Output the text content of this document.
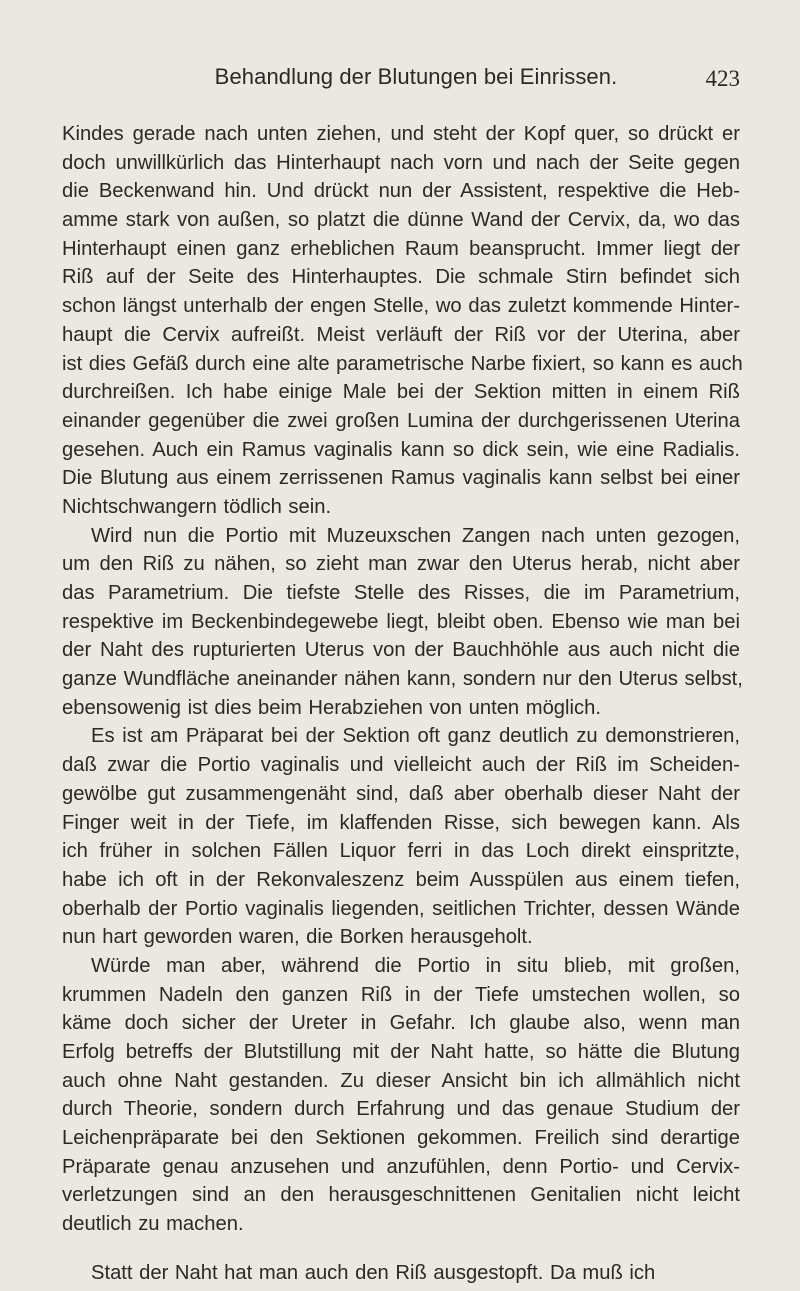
Behandlung der Blutungen bei Einrissen.	423
Kindes gerade nach unten ziehen, und steht der Kopf quer, so drückt er
doch unwillkürlich das Hinterhaupt nach vorn und nach der Seite gegen
die Beckenwand hin. Und drückt nun der Assistent, respektive die Heb-
amme stark von außen, so platzt die dünne Wand der Cervix, da, wo das
Hinterhaupt einen ganz erheblichen Raum beansprucht. Immer liegt der
Riß auf der Seite des Hinterhauptes. Die schmale Stirn befindet sich
schon längst unterhalb der engen Stelle, wo das zuletzt kommende Hinter-
haupt die Cervix aufreißt. Meist verläuft der Riß vor der Uterina, aber
ist dies Gefäß durch eine alte parametrische Narbe fixiert, so kann es auch
durchreißen. Ich habe einige Male bei der Sektion mitten in einem Riß
einander gegenüber die zwei großen Lumina der durchgerissenen Uterina
gesehen. Auch ein Ramus vaginalis kann so dick sein, wie eine Radialis.
Die Blutung aus einem zerrissenen Ramus vaginalis kann selbst bei einer
Nichtschwangern tödlich sein.
Wird nun die Portio mit Muzeuxschen Zangen nach unten gezogen,
um den Riß zu nähen, so zieht man zwar den Uterus herab, nicht aber
das Parametrium. Die tiefste Stelle des Risses, die im Parametrium,
respektive im Beckenbindegewebe liegt, bleibt oben. Ebenso wie man bei
der Naht des rupturierten Uterus von der Bauchhöhle aus auch nicht die
ganze Wundfläche aneinander nähen kann, sondern nur den Uterus selbst,
ebensowenig ist dies beim Herabziehen von unten möglich.
Es ist am Präparat bei der Sektion oft ganz deutlich zu demonstrieren,
daß zwar die Portio vaginalis und vielleicht auch der Riß im Scheiden-
gewölbe gut zusammengenäht sind, daß aber oberhalb dieser Naht der
Finger weit in der Tiefe, im klaffenden Risse, sich bewegen kann. Als
ich früher in solchen Fällen Liquor ferri in das Loch direkt einspritzte,
habe ich oft in der Rekonvaleszenz beim Ausspülen aus einem tiefen,
oberhalb der Portio vaginalis liegenden, seitlichen Trichter, dessen Wände
nun hart geworden waren, die Borken herausgeholt.
Würde man aber, während die Portio in situ blieb, mit großen,
krummen Nadeln den ganzen Riß in der Tiefe umstechen wollen, so
käme doch sicher der Ureter in Gefahr. Ich glaube also, wenn man
Erfolg betreffs der Blutstillung mit der Naht hatte, so hätte die Blutung
auch ohne Naht gestanden. Zu dieser Ansicht bin ich allmählich nicht
durch Theorie, sondern durch Erfahrung und das genaue Studium der
Leichenpräparate bei den Sektionen gekommen. Freilich sind derartige
Präparate genau anzusehen und anzufühlen, denn Portio- und Cervix-
verletzungen sind an den herausgeschnittenen Genitalien nicht leicht
deutlich zu machen.
Statt der Naht hat man auch den Riß ausgestopft. Da muß ich
